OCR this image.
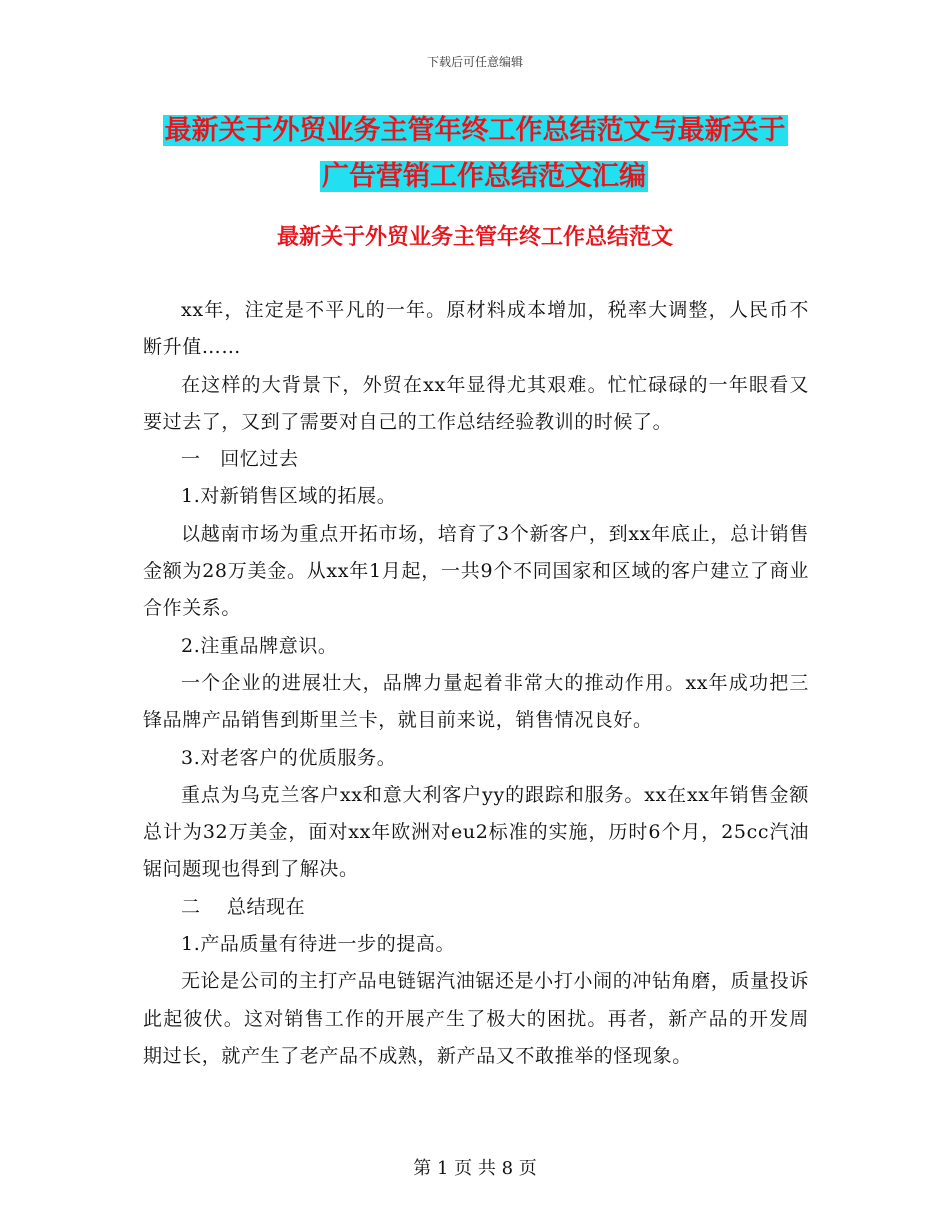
下载后可任意编辑
最新关于外贸业务主管年终工作总结范文与最新关于
广告营销工作总结范文汇编
最新关于外贸业务主管年终工作总结范文

xx年，注定是不平凡的一年。原材料成本增加，税率大调整，人民币不断升值……

在这样的大背景下，外贸在xx年显得尤其艰难。忙忙碌碌的一年眼看又要过去了，又到了需要对自己的工作总结经验教训的时候了。

一　回忆过去

1.对新销售区域的拓展。

以越南市场为重点开拓市场，培育了3个新客户，到xx年底止，总计销售金额为28万美金。从xx年1月起，一共9个不同国家和区域的客户建立了商业合作关系。

2.注重品牌意识。

一个企业的进展壮大，品牌力量起着非常大的推动作用。xx年成功把三锋品牌产品销售到斯里兰卡，就目前来说，销售情况良好。

3.对老客户的优质服务。

重点为乌克兰客户xx和意大利客户yy的跟踪和服务。xx在xx年销售金额总计为32万美金，面对xx年欧洲对eu2标准的实施，历时6个月，25cc汽油锯问题现也得到了解决。

二　 总结现在

1.产品质量有待进一步的提高。

无论是公司的主打产品电链锯汽油锯还是小打小闹的冲钻角磨，质量投诉此起彼伏。这对销售工作的开展产生了极大的困扰。再者，新产品的开发周期过长，就产生了老产品不成熟，新产品又不敢推举的怪现象。

第 1 页 共 8 页
